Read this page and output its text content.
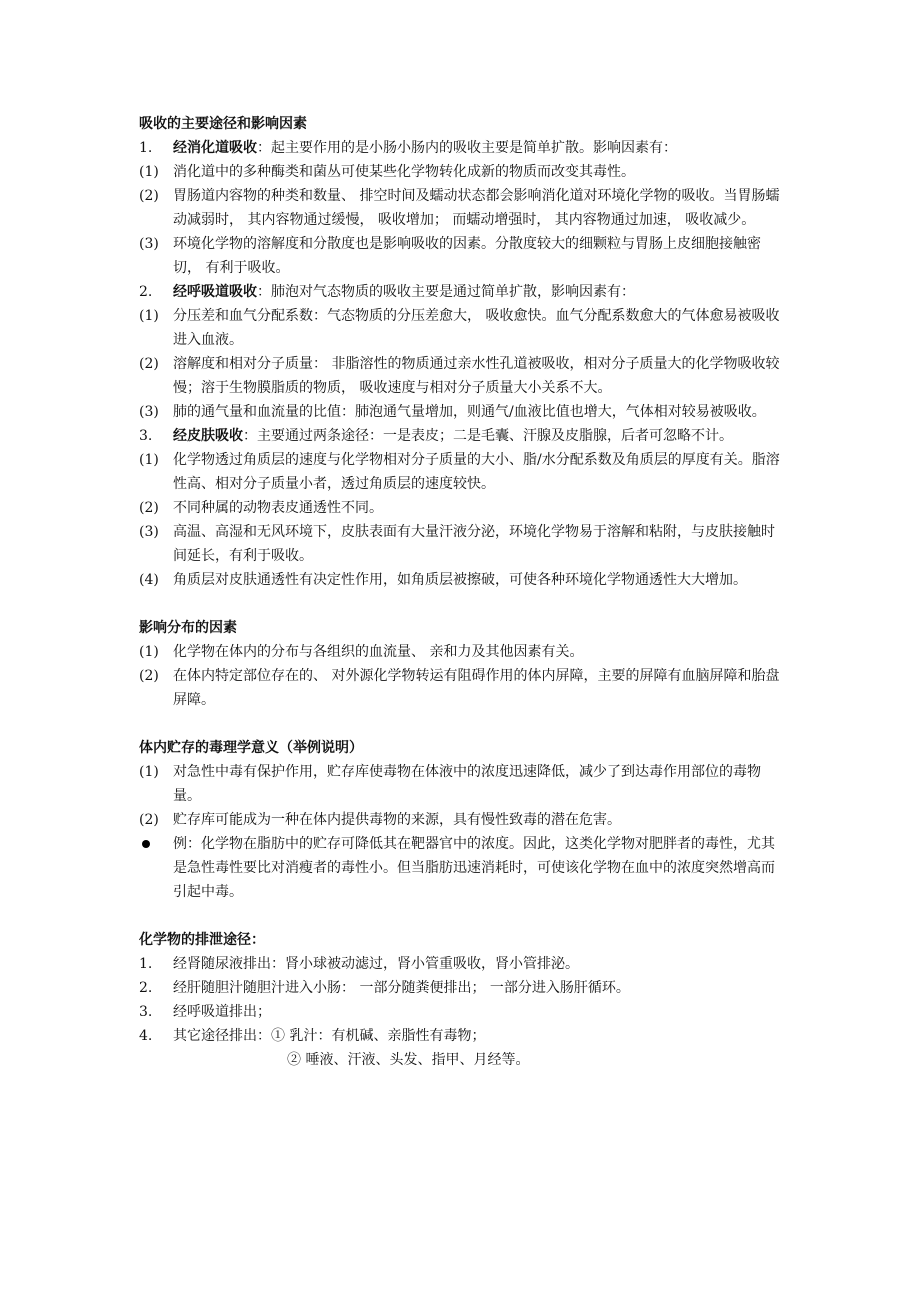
吸收的主要途径和影响因素
1.	经消化道吸收：起主要作用的是小肠小肠内的吸收主要是简单扩散。影响因素有：
(1)	消化道中的多种酶类和菌丛可使某些化学物转化成新的物质而改变其毒性。
(2)	胃肠道内容物的种类和数量、 排空时间及蠕动状态都会影响消化道对环境化学物的吸收。当胃肠蠕动减弱时， 其内容物通过缓慢， 吸收增加； 而蠕动增强时， 其内容物通过加速， 吸收减少。
(3)	环境化学物的溶解度和分散度也是影响吸收的因素。分散度较大的细颗粒与胃肠上皮细胞接触密切， 有利于吸收。
2.	经呼吸道吸收：肺泡对气态物质的吸收主要是通过简单扩散，影响因素有：
(1)	分压差和血气分配系数：气态物质的分压差愈大， 吸收愈快。血气分配系数愈大的气体愈易被吸收进入血液。
(2)	溶解度和相对分子质量： 非脂溶性的物质通过亲水性孔道被吸收，相对分子质量大的化学物吸收较慢；溶于生物膜脂质的物质， 吸收速度与相对分子质量大小关系不大。
(3)	肺的通气量和血流量的比值：肺泡通气量增加，则通气/血液比值也增大，气体相对较易被吸收。
3.	经皮肤吸收：主要通过两条途径：一是表皮；二是毛囊、汗腺及皮脂腺，后者可忽略不计。
(1)	化学物透过角质层的速度与化学物相对分子质量的大小、脂/水分配系数及角质层的厚度有关。脂溶性高、相对分子质量小者，透过角质层的速度较快。
(2)	不同种属的动物表皮通透性不同。
(3)	高温、高湿和无风环境下，皮肤表面有大量汗液分泌，环境化学物易于溶解和粘附，与皮肤接触时间延长，有利于吸收。
(4)	角质层对皮肤通透性有决定性作用，如角质层被擦破，可使各种环境化学物通透性大大增加。
影响分布的因素
(1)	化学物在体内的分布与各组织的血流量、 亲和力及其他因素有关。
(2)	在体内特定部位存在的、 对外源化学物转运有阻碍作用的体内屏障，主要的屏障有血脑屏障和胎盘屏障。
体内贮存的毒理学意义（举例说明）
(1)	对急性中毒有保护作用，贮存库使毒物在体液中的浓度迅速降低，减少了到达毒作用部位的毒物量。
(2)	贮存库可能成为一种在体内提供毒物的来源，具有慢性致毒的潜在危害。
例：化学物在脂肪中的贮存可降低其在靶器官中的浓度。因此，这类化学物对肥胖者的毒性，尤其是急性毒性要比对消瘦者的毒性小。但当脂肪迅速消耗时，可使该化学物在血中的浓度突然增高而引起中毒。
化学物的排泄途径：
1.	经肾随尿液排出：肾小球被动滤过，肾小管重吸收，肾小管排泌。
2.	经肝随胆汁随胆汁进入小肠： 一部分随粪便排出； 一部分进入肠肝循环。
3.	经呼吸道排出；
4.	其它途径排出：① 乳汁：有机碱、亲脂性有毒物；
② 唾液、汗液、头发、指甲、月经等。
